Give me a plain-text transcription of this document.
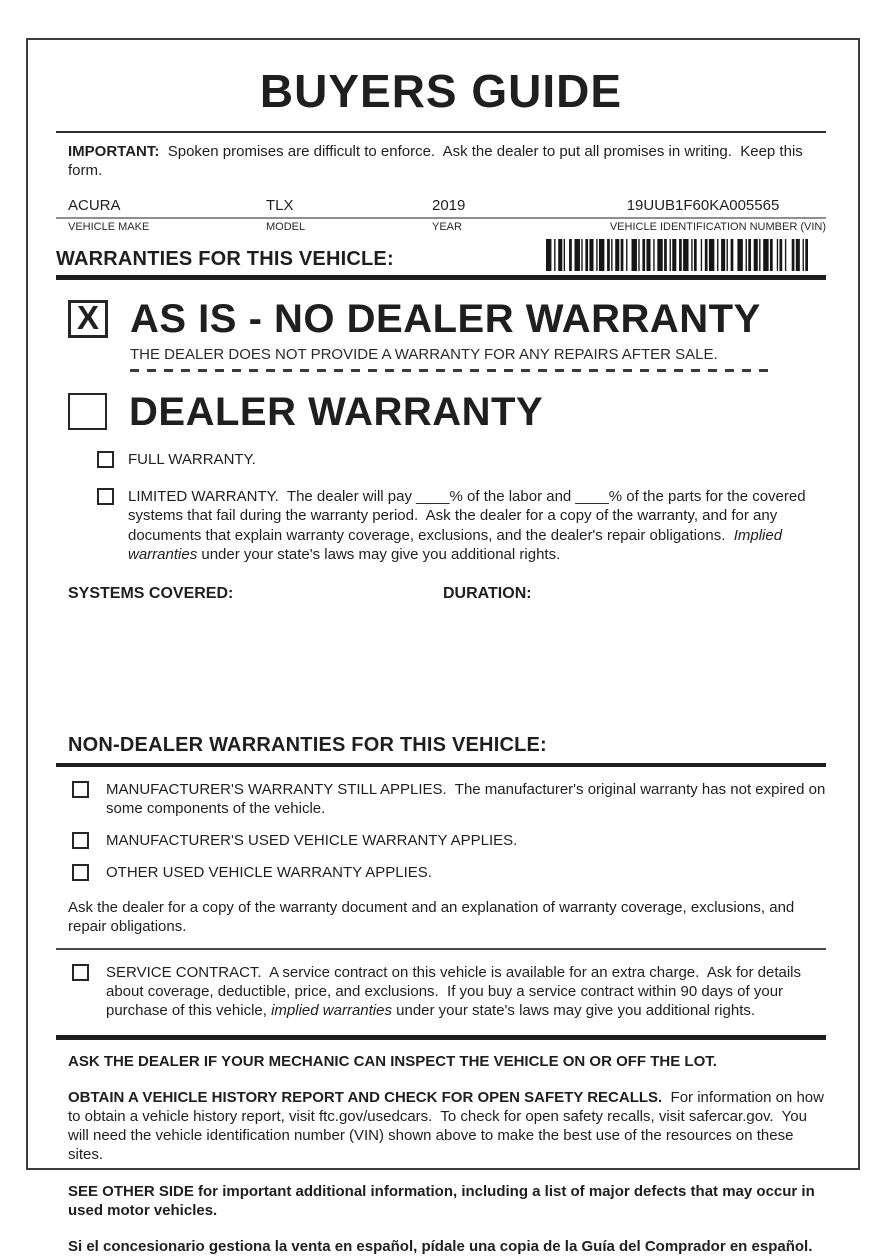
BUYERS GUIDE

IMPORTANT:  Spoken promises are difficult to enforce.  Ask the dealer to put all promises in writing.  Keep this form.

ACURA	TLX	2019	19UUB1F60KA005565
VEHICLE MAKE	MODEL	YEAR	VEHICLE IDENTIFICATION NUMBER (VIN)
WARRANTIES FOR THIS VEHICLE:
X AS IS - NO DEALER WARRANTY
THE DEALER DOES NOT PROVIDE A WARRANTY FOR ANY REPAIRS AFTER SALE.
DEALER WARRANTY
FULL WARRANTY.
LIMITED WARRANTY.  The dealer will pay ____% of the labor and ____% of the parts for the covered systems that fail during the warranty period.  Ask the dealer for a copy of the warranty, and for any documents that explain warranty coverage, exclusions, and the dealer's repair obligations.  Implied warranties under your state's laws may give you additional rights.
SYSTEMS COVERED:	DURATION:
NON-DEALER WARRANTIES FOR THIS VEHICLE:
MANUFACTURER'S WARRANTY STILL APPLIES.  The manufacturer's original warranty has not expired on some components of the vehicle.
MANUFACTURER'S USED VEHICLE WARRANTY APPLIES.
OTHER USED VEHICLE WARRANTY APPLIES.

Ask the dealer for a copy of the warranty document and an explanation of warranty coverage, exclusions, and repair obligations.

SERVICE CONTRACT.  A service contract on this vehicle is available for an extra charge.  Ask for details about coverage, deductible, price, and exclusions.  If you buy a service contract within 90 days of your purchase of this vehicle, implied warranties under your state's laws may give you additional rights.

ASK THE DEALER IF YOUR MECHANIC CAN INSPECT THE VEHICLE ON OR OFF THE LOT.

OBTAIN A VEHICLE HISTORY REPORT AND CHECK FOR OPEN SAFETY RECALLS.  For information on how to obtain a vehicle history report, visit ftc.gov/usedcars.  To check for open safety recalls, visit safercar.gov.  You will need the vehicle identification number (VIN) shown above to make the best use of the resources on these sites.

SEE OTHER SIDE for important additional information, including a list of major defects that may occur in used motor vehicles.

Si el concesionario gestiona la venta en español, pídale una copia de la Guía del Comprador en español.
